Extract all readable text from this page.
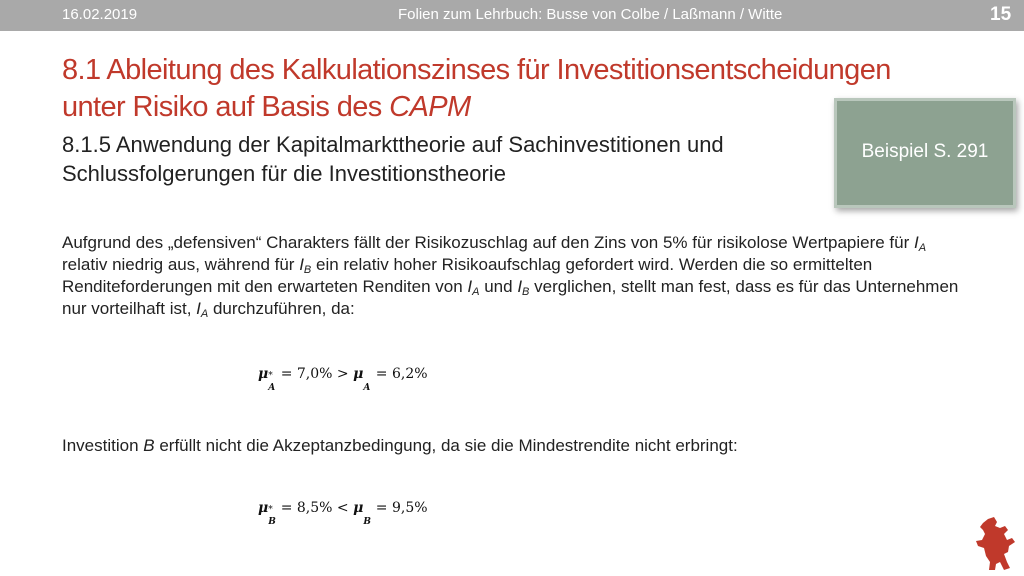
16.02.2019	Folien zum Lehrbuch: Busse von Colbe / Laßmann / Witte	15
8.1 Ableitung des Kalkulationszinses für Investitionsentscheidungen
unter Risiko auf Basis des CAPM
8.1.5 Anwendung der Kapitalmarkttheorie auf Sachinvestitionen und
Schlussfolgerungen für die Investitionstheorie
Beispiel S. 291
Aufgrund des „defensiven“ Charakters fällt der Risikozuschlag auf den Zins von 5% für risikolose Wertpapiere für $I_A$ relativ niedrig aus, während für $I_B$ ein relativ hoher Risikoaufschlag gefordert wird. Werden die so ermittelten Renditeforderungen mit den erwarteten Renditen von $I_A$ und $I_B$ verglichen, stellt man fest, dass es für das Unternehmen nur vorteilhaft ist, $I_A$ durchzuführen, da:
μ *
A
= 7,0% > μ
A
= 6,2%
Investition B erfüllt nicht die Akzeptanzbedingung, da sie die Mindestrendite nicht erbringt:
μ *
B
= 8,5% < μ
B
= 9,5%
